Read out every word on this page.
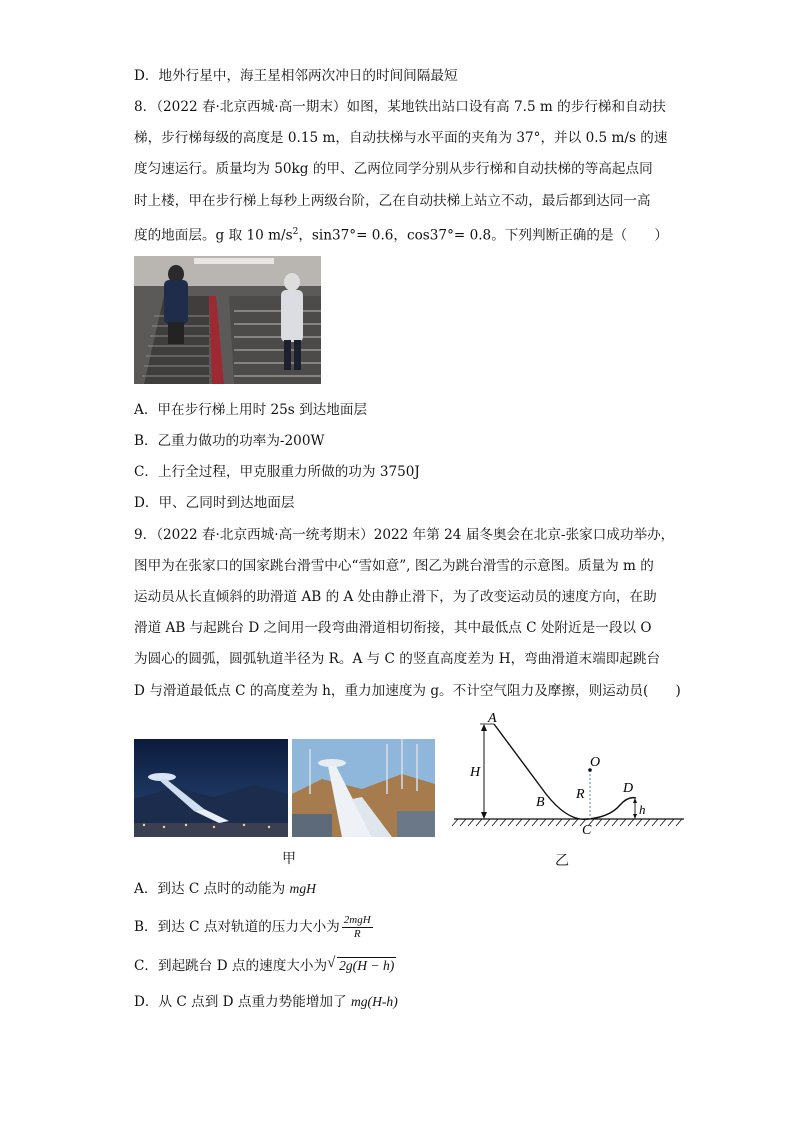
D．地外行星中，海王星相邻两次冲日的时间间隔最短
8．（2022 春·北京西城·高一期末）如图，某地铁出站口设有高 7.5 m 的步行梯和自动扶
梯，步行梯每级的高度是 0.15 m，自动扶梯与水平面的夹角为 37°，并以 0.5 m/s 的速
度匀速运行。质量均为 50kg 的甲、乙两位同学分别从步行梯和自动扶梯的等高起点同
时上楼，甲在步行梯上每秒上两级台阶，乙在自动扶梯上站立不动，最后都到达同一高
度的地面层。g 取 10 $m/s^2$，sin37°= 0.6，cos37°= 0.8。下列判断正确的是（　　）
A．甲在步行梯上用时 25s 到达地面层
B．乙重力做功的功率为-200W
C．上行全过程，甲克服重力所做的功为 3750J
D．甲、乙同时到达地面层
9．（2022 春·北京西城·高一统考期末）2022 年第 24 届冬奥会在北京-张家口成功举办，
图甲为在张家口的国家跳台滑雪中心“雪如意”, 图乙为跳台滑雪的示意图。质量为 m 的
运动员从长直倾斜的助滑道 AB 的 A 处由静止滑下，为了改变运动员的速度方向，在助
滑道 AB 与起跳台 D 之间用一段弯曲滑道相切衔接，其中最低点 C 处附近是一段以 O
为圆心的圆弧，圆弧轨道半径为 R。A 与 C 的竖直高度差为 H，弯曲滑道末端即起跳台
D 与滑道最低点 C 的高度差为 h，重力加速度为 g。不计空气阻力及摩擦，则运动员(　　)
A
H
B
O
R
C
D
h
甲	乙
A．到达 C 点时的动能为 mgH
B．到达 C 点对轨道的压力大小为 $\frac{\text{2mgH}}{R}$
C．到起跳台 D 点的速度大小为√ 2g(H − h)
D．从 C 点到 D 点重力势能增加了 mg(H-h)
